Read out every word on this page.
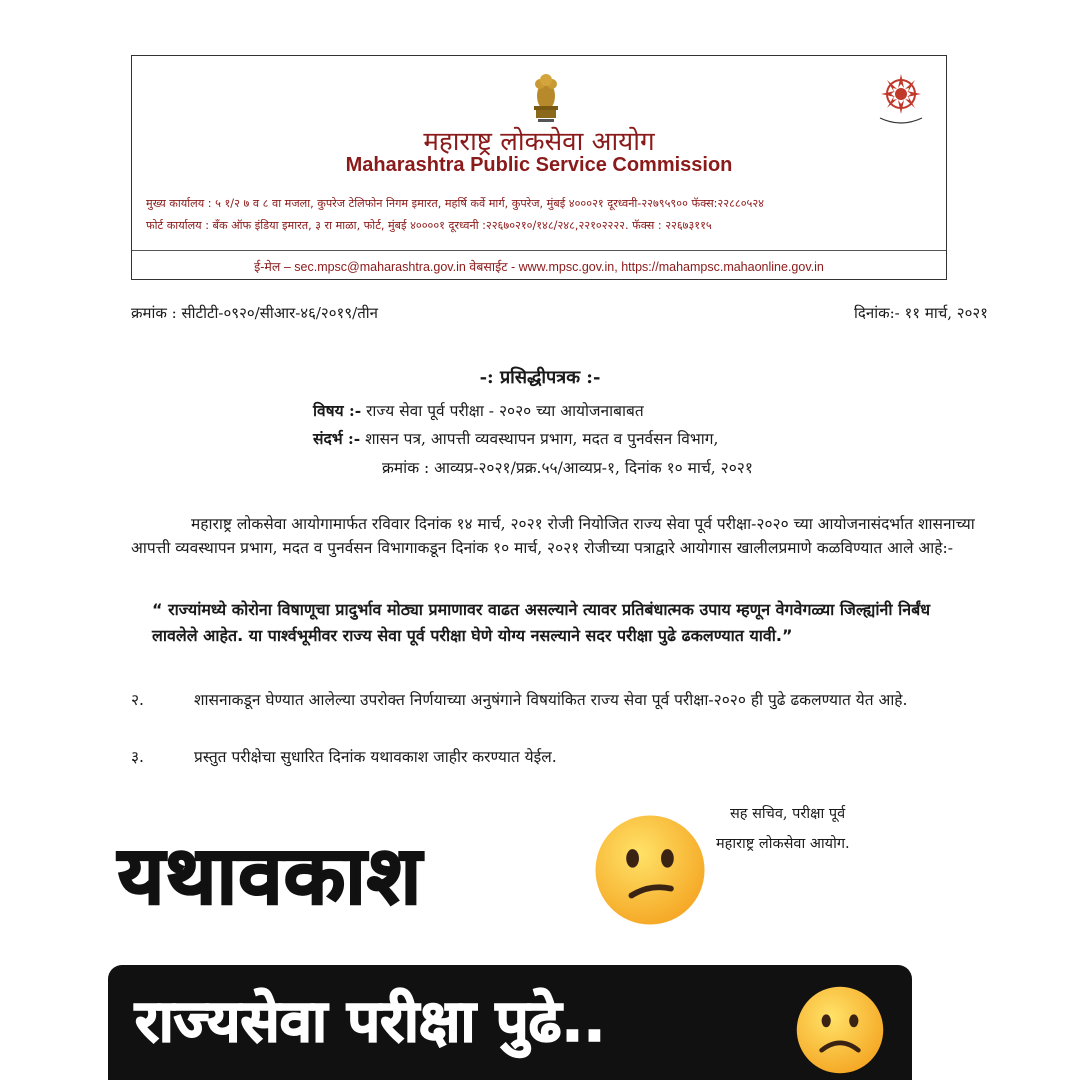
महाराष्ट्र लोकसेवा आयोग
Maharashtra Public Service Commission
मुख्य कार्यालय : ५ १/२ ७ व ८ वा मजला, कुपरेज टेलिफोन निगम इमारत, महर्षि कर्वे मार्ग, कुपरेज, मुंबई ४०००२१ दूरध्वनी-२२७९५९०० फॅक्स:२२८८०५२४
फोर्ट कार्यालय : बँक ऑफ इंडिया इमारत, ३ रा माळा, फोर्ट, मुंबई ४००००१ दूरध्वनी :२२६७०२१०/१४८/२४८,२२१०२२२२. फॅक्स : २२६७३११५
ई-मेल – sec.mpsc@maharashtra.gov.in वेबसाईट - www.mpsc.gov.in, https://mahampsc.mahaonline.gov.in
क्रमांक : सीटीटी-०९२०/सीआर-४६/२०१९/तीन	दिनांक:- ११ मार्च, २०२१
-: प्रसिद्धीपत्रक :-
विषय :- राज्य सेवा पूर्व परीक्षा - २०२० च्या आयोजनाबाबत
संदर्भ :- शासन पत्र, आपत्ती व्यवस्थापन प्रभाग, मदत व पुनर्वसन विभाग,
क्रमांक : आव्यप्र-२०२१/प्रक्र.५५/आव्यप्र-१, दिनांक १० मार्च, २०२१
महाराष्ट्र लोकसेवा आयोगामार्फत रविवार दिनांक १४ मार्च, २०२१ रोजी नियोजित राज्य सेवा पूर्व परीक्षा-२०२० च्या आयोजनासंदर्भात शासनाच्या आपत्ती व्यवस्थापन प्रभाग, मदत व पुनर्वसन विभागाकडून दिनांक १० मार्च, २०२१ रोजीच्या पत्राद्वारे आयोगास खालीलप्रमाणे कळविण्यात आले आहे:-
“ राज्यांमध्ये कोरोना विषाणूचा प्रादुर्भाव मोठ्या प्रमाणावर वाढत असल्याने त्यावर प्रतिबंधात्मक उपाय म्हणून वेगवेगळ्या जिल्ह्यांनी निर्बंध लावलेले आहेत. या पार्श्वभूमीवर राज्य सेवा पूर्व परीक्षा घेणे योग्य नसल्याने सदर परीक्षा पुढे ढकलण्यात यावी.”
२.	शासनाकडून घेण्यात आलेल्या उपरोक्त निर्णयाच्या अनुषंगाने विषयांकित राज्य सेवा पूर्व परीक्षा-२०२० ही पुढे ढकलण्यात येत आहे.
३.	प्रस्तुत परीक्षेचा सुधारित दिनांक यथावकाश जाहीर करण्यात येईल.
सह सचिव, परीक्षा पूर्व
महाराष्ट्र लोकसेवा आयोग.
यथावकाश
राज्यसेवा परीक्षा पुढे..
